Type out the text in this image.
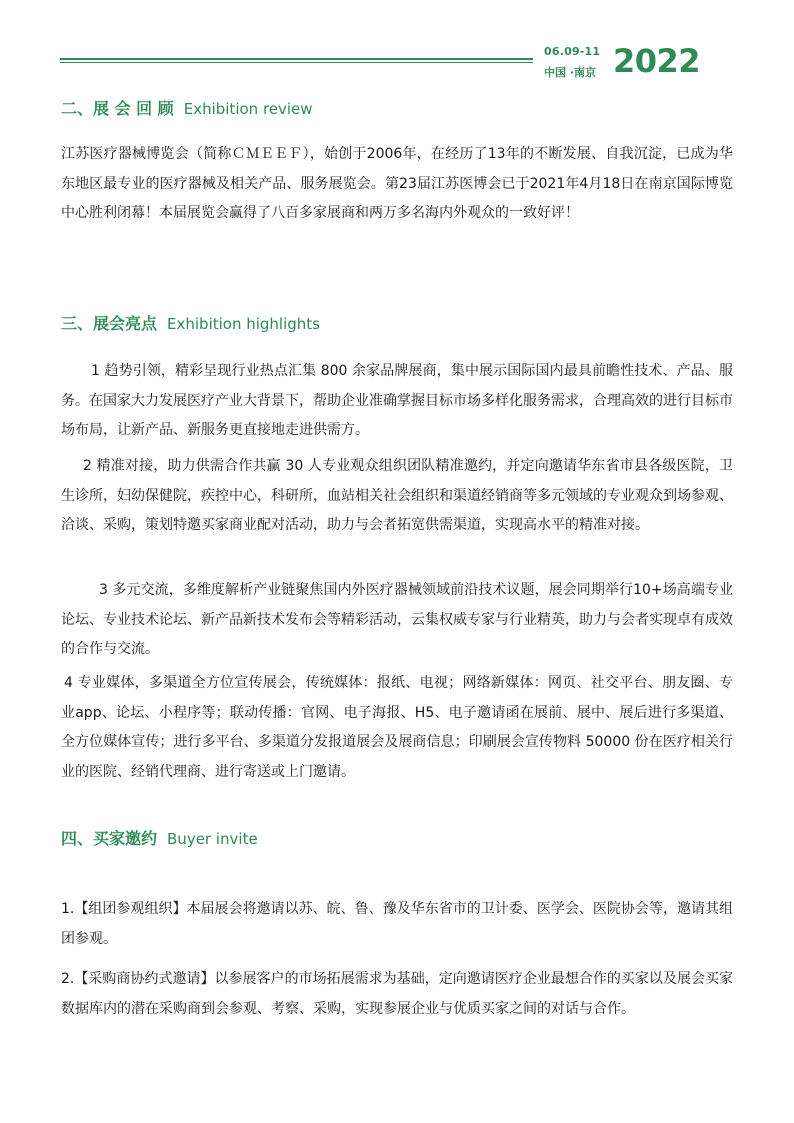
06.09-11
中国 ·南京 2022
二、展 会 回 顾 Exhibition review
江苏医疗器械博览会（简称ＣＭＥＥＦ），始创于2006年，在经历了13年的不断发展、自我沉淀，已成为华东地区最专业的医疗器械及相关产品、服务展览会。第23届江苏医博会已于2021年4月18日在南京国际博览中心胜利闭幕！本届展览会赢得了八百多家展商和两万多名海内外观众的一致好评！
三、展会亮点 Exhibition highlights
1 趋势引领，精彩呈现行业热点汇集 800 余家品牌展商，集中展示国际国内最具前瞻性技术、产品、服务。在国家大力发展医疗产业大背景下，帮助企业准确掌握目标市场多样化服务需求，合理高效的进行目标市场布局，让新产品、新服务更直接地走进供需方。
2 精准对接，助力供需合作共赢 30 人专业观众组织团队精准邀约，并定向邀请华东省市县各级医院，卫生诊所，妇幼保健院，疾控中心，科研所，血站相关社会组织和渠道经销商等多元领域的专业观众到场参观、洽谈、采购，策划特邀买家商业配对活动，助力与会者拓宽供需渠道，实现高水平的精准对接。
3 多元交流，多维度解析产业链聚焦国内外医疗器械领域前沿技术议题，展会同期举行10+场高端专业论坛、专业技术论坛、新产品新技术发布会等精彩活动，云集权威专家与行业精英，助力与会者实现卓有成效的合作与交流。
4 专业媒体，多渠道全方位宣传展会，传统媒体：报纸、电视；网络新媒体：网页、社交平台、朋友圈、专业app、论坛、小程序等；联动传播：官网、电子海报、H5、电子邀请函在展前、展中、展后进行多渠道、全方位媒体宣传；进行多平台、多渠道分发报道展会及展商信息；印刷展会宣传物料 50000 份在医疗相关行业的医院、经销代理商、进行寄送或上门邀请。
四、买家邀约 Buyer invite
1.【组团参观组织】本届展会将邀请以苏、皖、鲁、豫及华东省市的卫计委、医学会、医院协会等，邀请其组团参观。
2.【采购商协约式邀请】以参展客户的市场拓展需求为基础，定向邀请医疗企业最想合作的买家以及展会买家数据库内的潜在采购商到会参观、考察、采购，实现参展企业与优质买家之间的对话与合作。
